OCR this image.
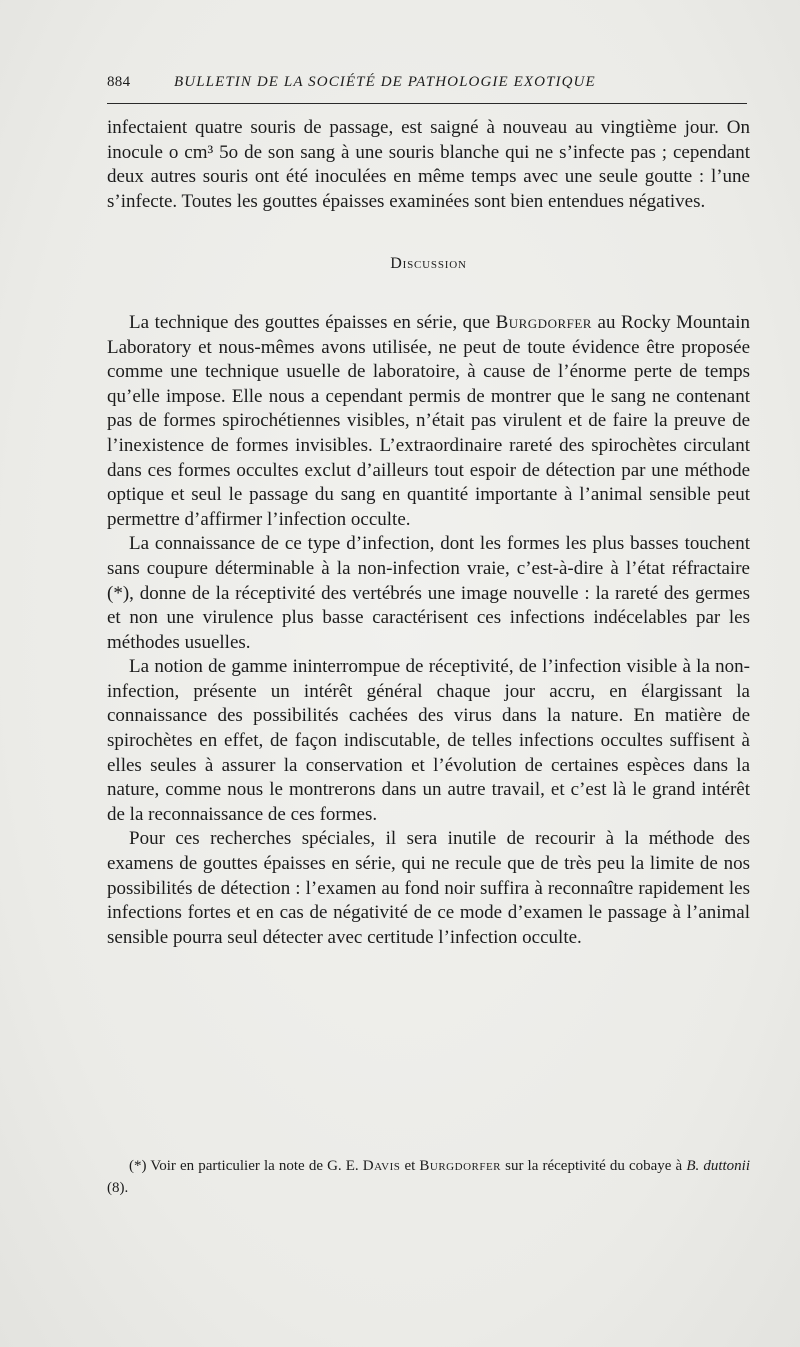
884	BULLETIN DE LA SOCIÉTÉ DE PATHOLOGIE EXOTIQUE

infectaient quatre souris de passage, est saigné à nouveau au vingtième jour. On inocule o cm³ 5o de son sang à une souris blanche qui ne s’infecte pas ; cependant deux autres souris ont été inoculées en même temps avec une seule goutte : l’une s’infecte. Toutes les gouttes épaisses examinées sont bien entendues négatives.

Discussion

La technique des gouttes épaisses en série, que Burgdorfer au Rocky Mountain Laboratory et nous-mêmes avons utilisée, ne peut de toute évidence être proposée comme une technique usuelle de laboratoire, à cause de l’énorme perte de temps qu’elle impose. Elle nous a cependant permis de montrer que le sang ne contenant pas de formes spirochétiennes visibles, n’était pas virulent et de faire la preuve de l’inexistence de formes invisibles. L’extraordinaire rareté des spirochètes circulant dans ces formes occultes exclut d’ailleurs tout espoir de détection par une méthode optique et seul le passage du sang en quantité importante à l’animal sensible peut permettre d’affirmer l’infection occulte.

La connaissance de ce type d’infection, dont les formes les plus basses touchent sans coupure déterminable à la non-infection vraie, c’est-à-dire à l’état réfractaire (*), donne de la réceptivité des vertébrés une image nouvelle : la rareté des germes et non une virulence plus basse caractérisent ces infections indécelables par les méthodes usuelles.

La notion de gamme ininterrompue de réceptivité, de l’infection visible à la non-infection, présente un intérêt général chaque jour accru, en élargissant la connaissance des possibilités cachées des virus dans la nature. En matière de spirochètes en effet, de façon indiscutable, de telles infections occultes suffisent à elles seules à assurer la conservation et l’évolution de certaines espèces dans la nature, comme nous le montrerons dans un autre travail, et c’est là le grand intérêt de la reconnaissance de ces formes.

Pour ces recherches spéciales, il sera inutile de recourir à la méthode des examens de gouttes épaisses en série, qui ne recule que de très peu la limite de nos possibilités de détection : l’examen au fond noir suffira à reconnaître rapidement les infections fortes et en cas de négativité de ce mode d’examen le passage à l’animal sensible pourra seul détecter avec certitude l’infection occulte.

(*) Voir en particulier la note de G. E. Davis et Burgdorfer sur la réceptivité du cobaye à B. duttonii (8).
